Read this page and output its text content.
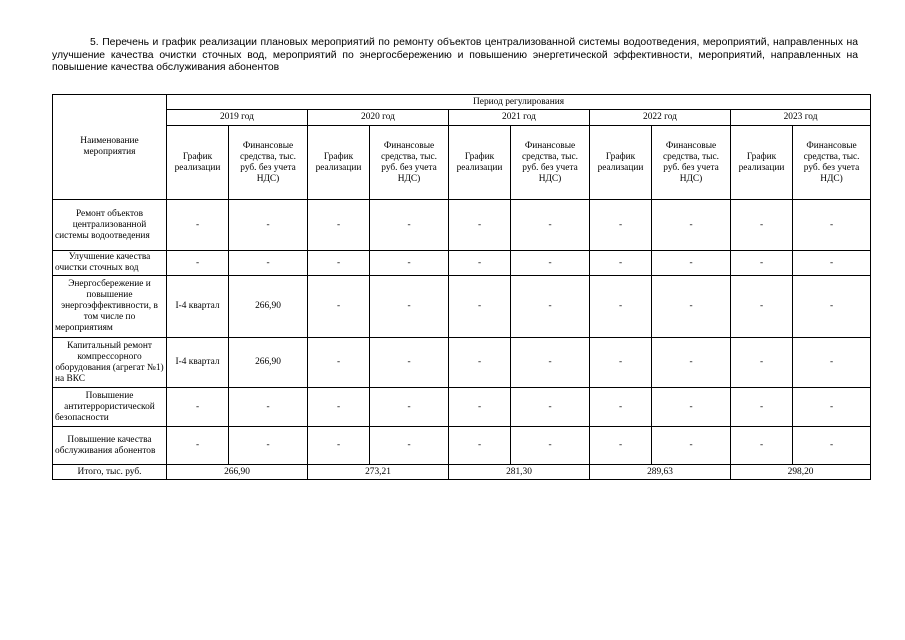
5. Перечень и график реализации плановых мероприятий по ремонту объектов централизованной системы водоотведения, мероприятий, направленных на улучшение качества очистки сточных вод, мероприятий по энергосбережению и повышению энергетической эффективности, мероприятий, направленных на повышение качества обслуживания абонентов

Наименование мероприятия	Период регулирования									
	2019 год		2020 год		2021 год		2022 год		2023 год	
	График реализации	Финансовые средства, тыс. руб. без учета НДС)	График реализации	Финансовые средства, тыс. руб. без учета НДС)	График реализации	Финансовые средства, тыс. руб. без учета НДС)	График реализации	Финансовые средства, тыс. руб. без учета НДС)	График реализации	Финансовые средства, тыс. руб. без учета НДС)
Ремонт объектов централизованной системы водоотведения	-	-	-	-	-	-	-	-	-	-
Улучшение качества очистки сточных вод	-	-	-	-	-	-	-	-	-	-
Энергосбережение и повышение энергоэффективности, в том числе по мероприятиям	I-4 квартал	266,90	-	-	-	-	-	-	-	-
Капитальный ремонт компрессорного оборудования (агрегат №1) на ВКС	I-4 квартал	266,90	-	-	-	-	-	-	-	-
Повышение антитеррористической безопасности	-	-	-	-	-	-	-	-	-	-
Повышение качества обслуживания абонентов	-	-	-	-	-	-	-	-	-	-
Итого, тыс. руб.	266,90		273,21		281,30		289,63		298,20	
